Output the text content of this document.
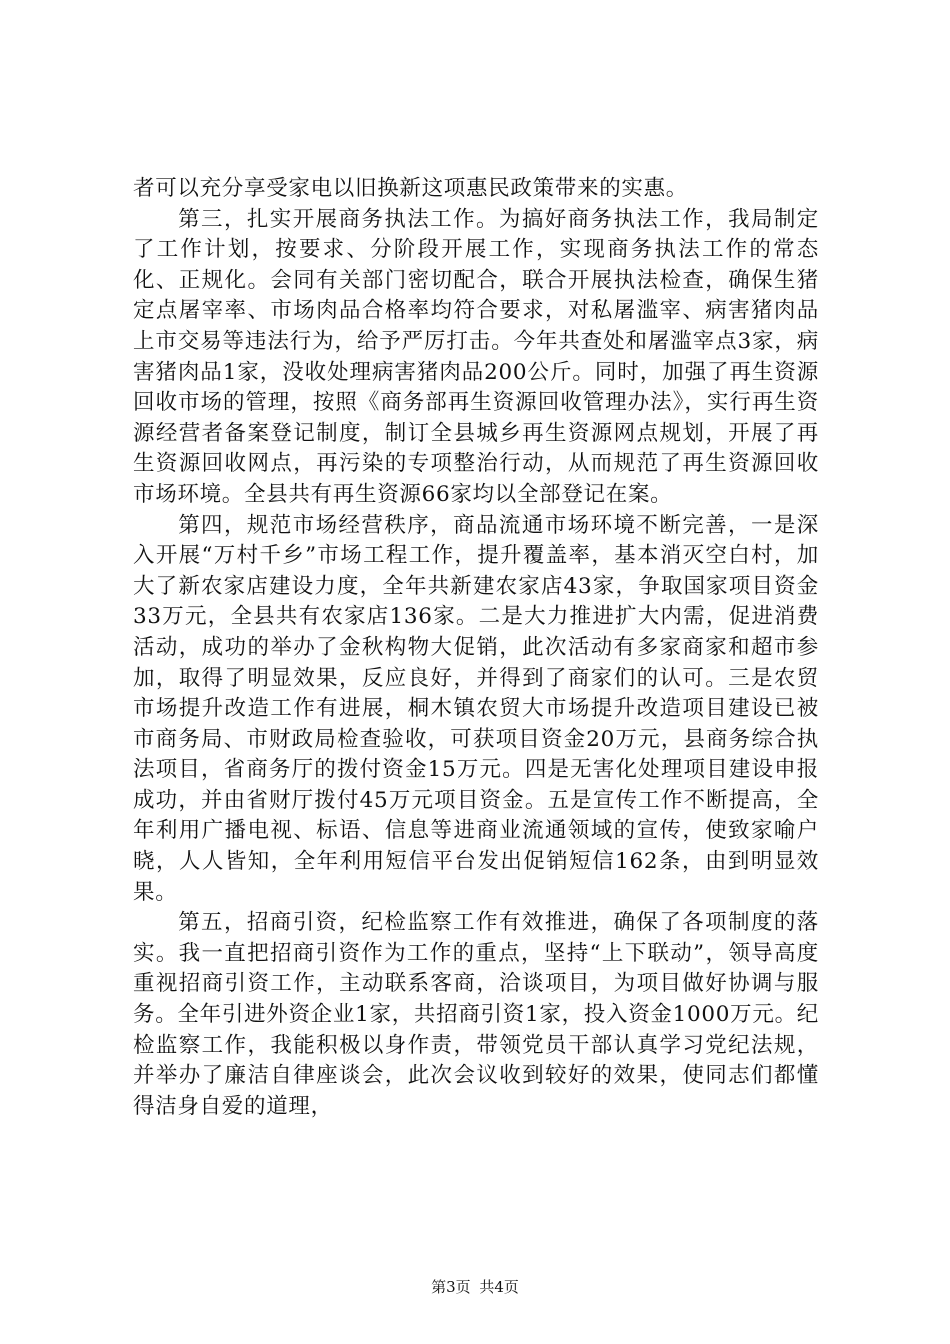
者可以充分享受家电以旧换新这项惠民政策带来的实惠。

第三，扎实开展商务执法工作。为搞好商务执法工作，我局制定了工作计划，按要求、分阶段开展工作，实现商务执法工作的常态化、正规化。会同有关部门密切配合，联合开展执法检查，确保生猪定点屠宰率、市场肉品合格率均符合要求，对私屠滥宰、病害猪肉品上市交易等违法行为，给予严厉打击。今年共查处和屠滥宰点3家，病害猪肉品1家，没收处理病害猪肉品200公斤。同时，加强了再生资源回收市场的管理，按照《商务部再生资源回收管理办法》，实行再生资源经营者备案登记制度，制订全县城乡再生资源网点规划，开展了再生资源回收网点，再污染的专项整治行动，从而规范了再生资源回收市场环境。全县共有再生资源66家均以全部登记在案。

第四，规范市场经营秩序，商品流通市场环境不断完善，一是深入开展“万村千乡”市场工程工作，提升覆盖率，基本消灭空白村，加大了新农家店建设力度，全年共新建农家店43家，争取国家项目资金33万元，全县共有农家店136家。二是大力推进扩大内需，促进消费活动，成功的举办了金秋构物大促销，此次活动有多家商家和超市参加，取得了明显效果，反应良好，并得到了商家们的认可。三是农贸市场提升改造工作有进展，桐木镇农贸大市场提升改造项目建设已被市商务局、市财政局检查验收，可获项目资金20万元，县商务综合执法项目，省商务厅的拨付资金15万元。四是无害化处理项目建设申报成功，并由省财厅拨付45万元项目资金。五是宣传工作不断提高，全年利用广播电视、标语、信息等进商业流通领域的宣传，使致家喻户晓，人人皆知，全年利用短信平台发出促销短信162条，由到明显效果。

第五，招商引资，纪检监察工作有效推进，确保了各项制度的落实。我一直把招商引资作为工作的重点，坚持“上下联动”，领导高度重视招商引资工作，主动联系客商，洽谈项目，为项目做好协调与服务。全年引进外资企业1家，共招商引资1家，投入资金1000万元。纪检监察工作，我能积极以身作责，带领党员干部认真学习党纪法规，并举办了廉洁自律座谈会，此次会议收到较好的效果，使同志们都懂得洁身自爱的道理，

第3页 共4页
